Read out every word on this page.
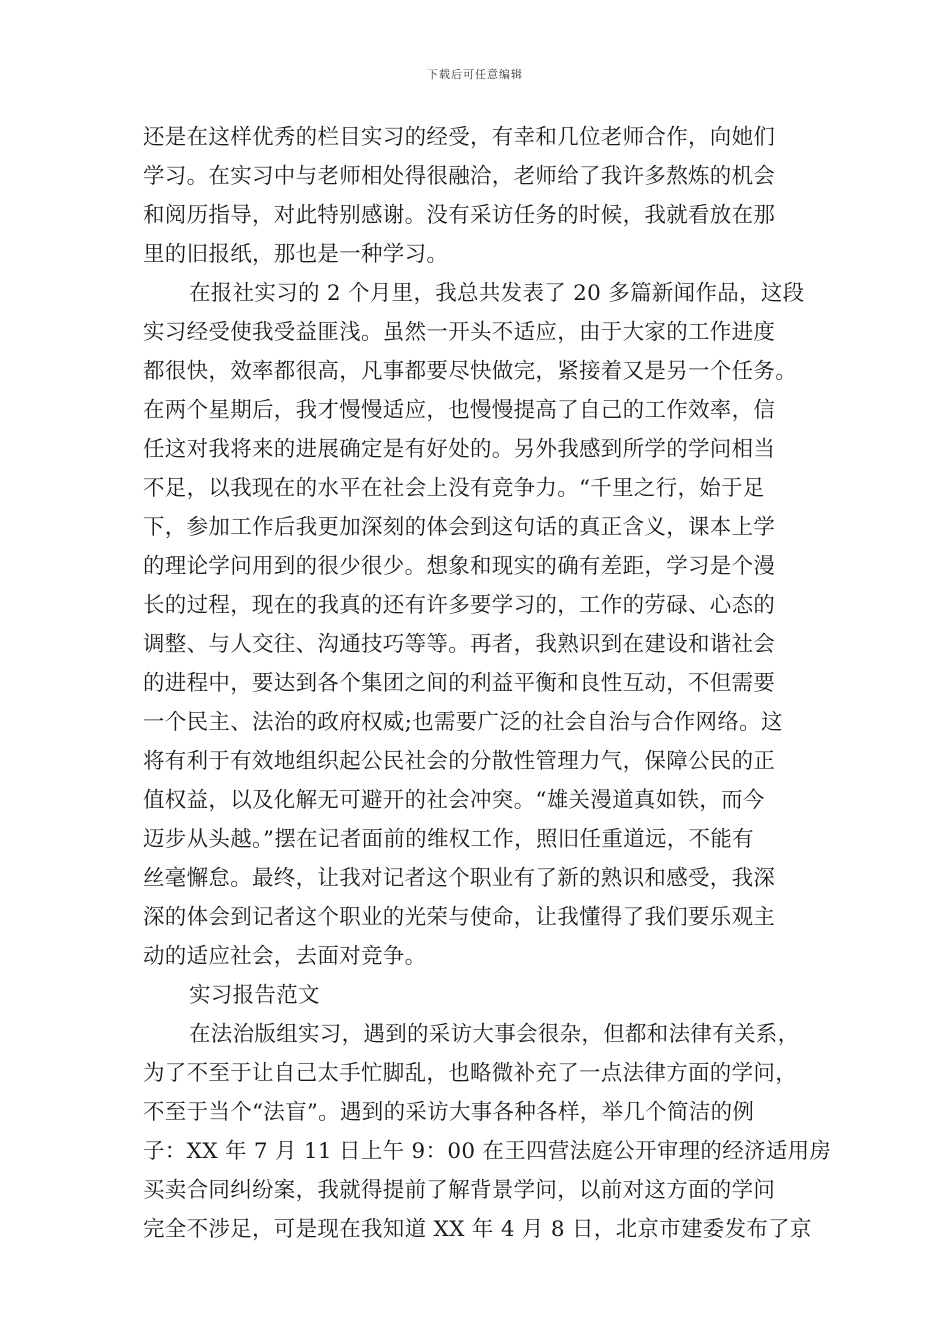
下载后可任意编辑
还是在这样优秀的栏目实习的经受，有幸和几位老师合作，向她们
学习。在实习中与老师相处得很融洽，老师给了我许多熬炼的机会
和阅历指导，对此特别感谢。没有采访任务的时候，我就看放在那
里的旧报纸，那也是一种学习。
在报社实习的 2 个月里，我总共发表了 20 多篇新闻作品，这段
实习经受使我受益匪浅。虽然一开头不适应，由于大家的工作进度
都很快，效率都很高，凡事都要尽快做完，紧接着又是另一个任务。
在两个星期后，我才慢慢适应，也慢慢提高了自己的工作效率，信
任这对我将来的进展确定是有好处的。另外我感到所学的学问相当
不足，以我现在的水平在社会上没有竞争力。“千里之行，始于足
下，参加工作后我更加深刻的体会到这句话的真正含义，课本上学
的理论学问用到的很少很少。想象和现实的确有差距，学习是个漫
长的过程，现在的我真的还有许多要学习的，工作的劳碌、心态的
调整、与人交往、沟通技巧等等。再者，我熟识到在建设和谐社会
的进程中，要达到各个集团之间的利益平衡和良性互动，不但需要
一个民主、法治的政府权威;也需要广泛的社会自治与合作网络。这
将有利于有效地组织起公民社会的分散性管理力气，保障公民的正
值权益，以及化解无可避开的社会冲突。“雄关漫道真如铁，而今
迈步从头越。”摆在记者面前的维权工作，照旧任重道远，不能有
丝毫懈怠。最终，让我对记者这个职业有了新的熟识和感受，我深
深的体会到记者这个职业的光荣与使命，让我懂得了我们要乐观主
动的适应社会，去面对竞争。
实习报告范文
在法治版组实习，遇到的采访大事会很杂，但都和法律有关系，
为了不至于让自己太手忙脚乱，也略微补充了一点法律方面的学问，
不至于当个“法盲”。遇到的采访大事各种各样，举几个简洁的例
子：XX 年 7 月 11 日上午 9：00 在王四营法庭公开审理的经济适用房
买卖合同纠纷案，我就得提前了解背景学问，以前对这方面的学问
完全不涉足，可是现在我知道 XX 年 4 月 8 日，北京市建委发布了京
